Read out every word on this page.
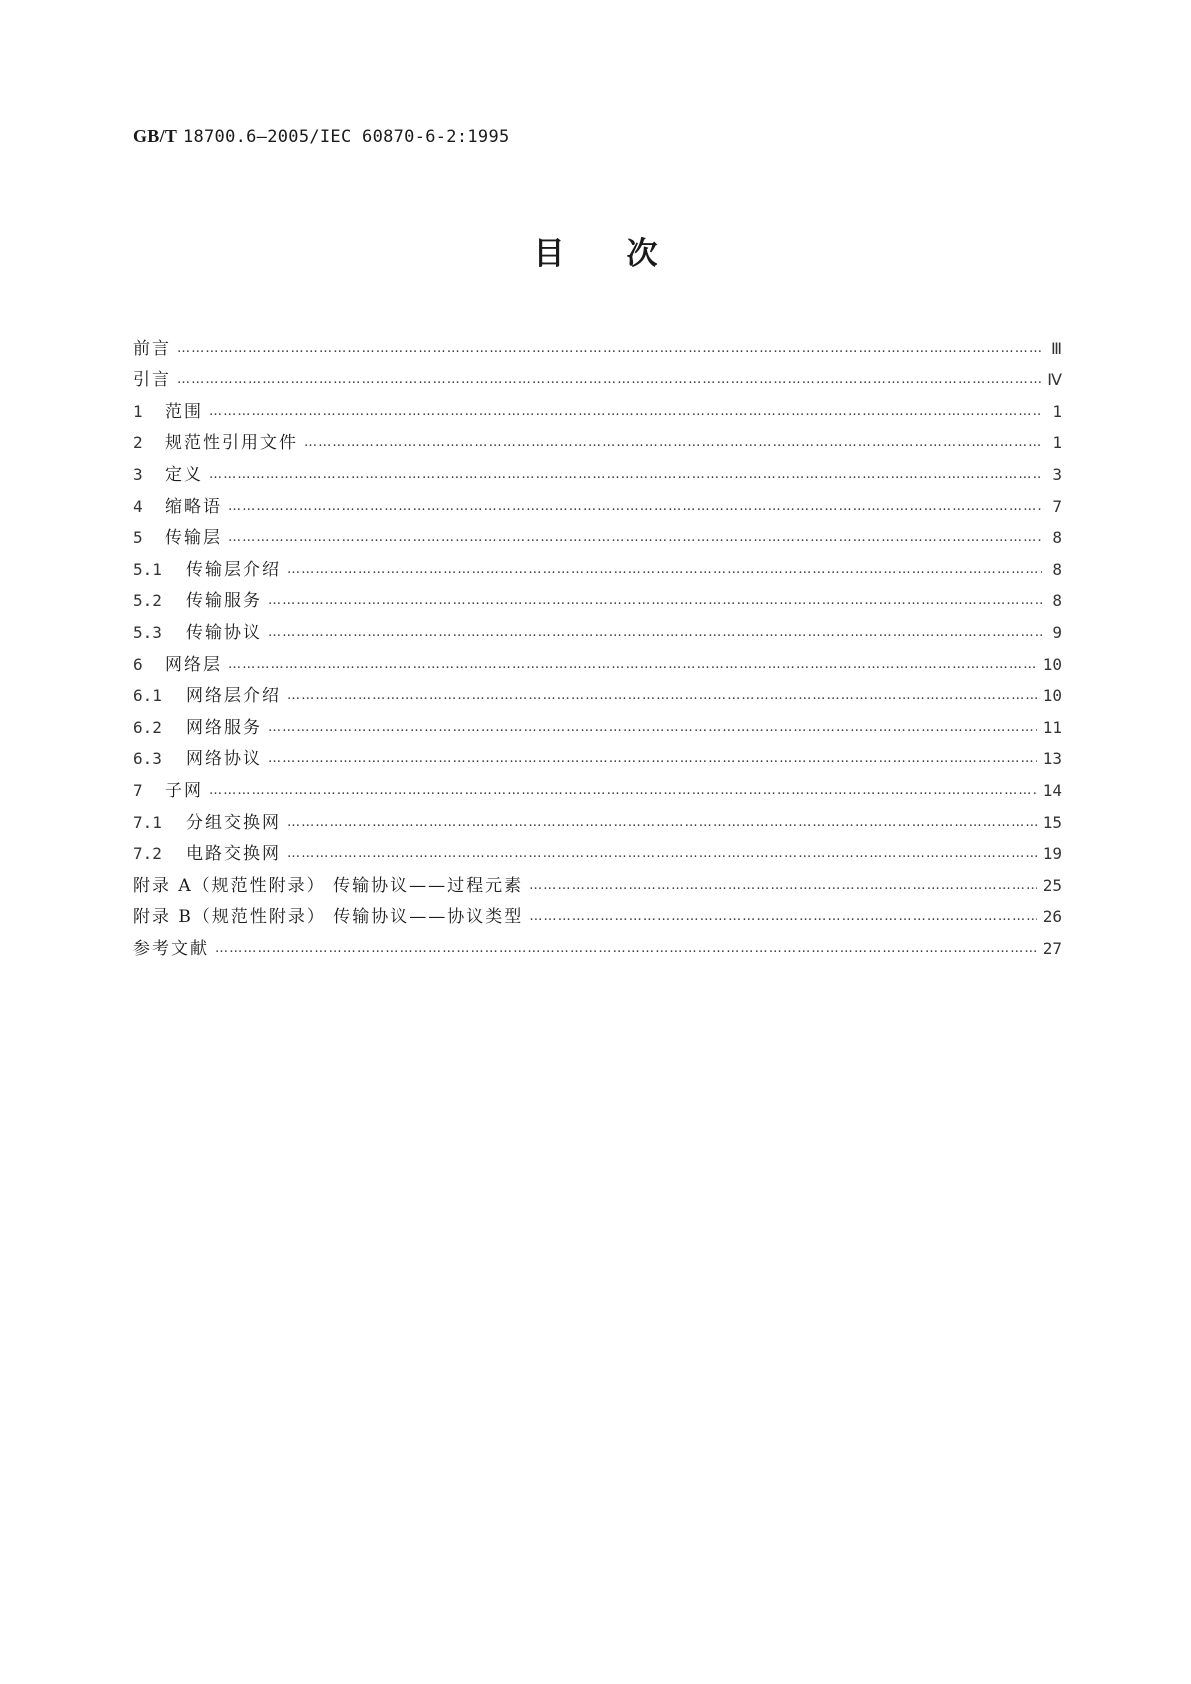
GB/T 18700.6—2005/IEC 60870-6-2:1995
目 次
前言 ……………………………………………………………………………………………………………………………………………………………………………………………………………………………………………………………	Ⅲ
引言 ……………………………………………………………………………………………………………………………………………………………………………………………………………………………………………………………	Ⅳ
1	范围 ……………………………………………………………………………………………………………………………………………………………………………………………………………………………………………………………	1
2	规范性引用文件 ……………………………………………………………………………………………………………………………………………………………………………………………………………………………………………………………	1
3	定义 ……………………………………………………………………………………………………………………………………………………………………………………………………………………………………………………………	3
4	缩略语 ……………………………………………………………………………………………………………………………………………………………………………………………………………………………………………………………	7
5	传输层 ……………………………………………………………………………………………………………………………………………………………………………………………………………………………………………………………	8
5.1	传输层介绍 ……………………………………………………………………………………………………………………………………………………………………………………………………………………………………………………………	8
5.2	传输服务 ……………………………………………………………………………………………………………………………………………………………………………………………………………………………………………………………	8
5.3	传输协议 ……………………………………………………………………………………………………………………………………………………………………………………………………………………………………………………………	9
6	网络层 ……………………………………………………………………………………………………………………………………………………………………………………………………………………………………………………………	10
6.1	网络层介绍 ……………………………………………………………………………………………………………………………………………………………………………………………………………………………………………………………	10
6.2	网络服务 ……………………………………………………………………………………………………………………………………………………………………………………………………………………………………………………………	11
6.3	网络协议 ……………………………………………………………………………………………………………………………………………………………………………………………………………………………………………………………	13
7	子网 ……………………………………………………………………………………………………………………………………………………………………………………………………………………………………………………………	14
7.1	分组交换网 ……………………………………………………………………………………………………………………………………………………………………………………………………………………………………………………………	15
7.2	电路交换网 ……………………………………………………………………………………………………………………………………………………………………………………………………………………………………………………………	19
附录 A（规范性附录） 传输协议——过程元素 ……………………………………………………………………………………………………………………………………………………………………………………………………………………………………………………………	25
附录 B（规范性附录） 传输协议——协议类型 ……………………………………………………………………………………………………………………………………………………………………………………………………………………………………………………………	26
参考文献 ……………………………………………………………………………………………………………………………………………………………………………………………………………………………………………………………	27
